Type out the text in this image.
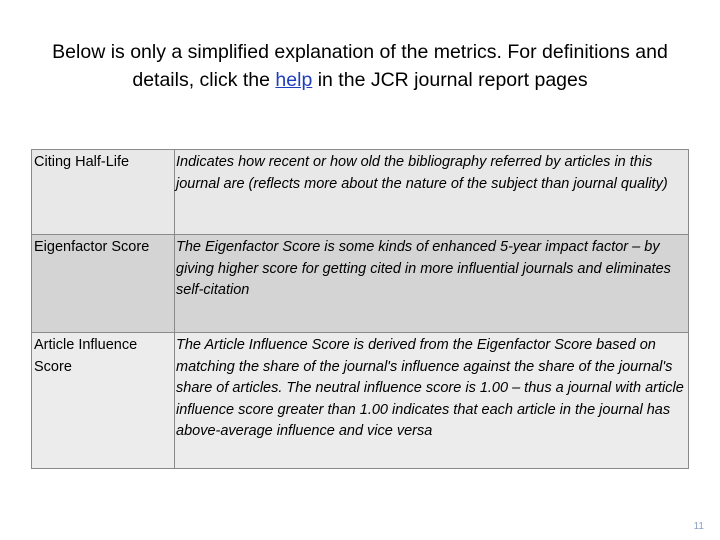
Below is only a simplified explanation of the metrics. For definitions and details, click the help in the JCR journal report pages
Citing Half-Life	Indicates how recent or how old the bibliography referred by articles in this journal are (reflects more about the nature of the subject than journal quality)
Eigenfactor Score	The Eigenfactor Score is some kinds of enhanced 5-year impact factor – by giving higher score for getting cited in more influential journals and eliminates self-citation
Article Influence Score	The Article Influence Score is derived from the Eigenfactor Score based on matching the share of the journal's influence against the share of the journal's share of articles. The neutral influence score is 1.00 – thus a journal with article influence score greater than 1.00 indicates that each article in the journal has above-average influence and vice versa
11
